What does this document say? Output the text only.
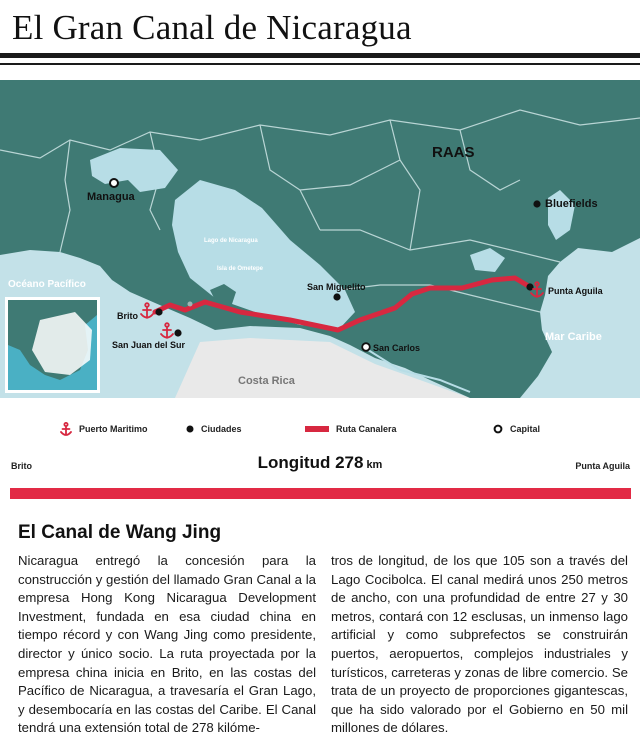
El Gran Canal de Nicaragua
RAAS
Managua
Bluefields
Lago de Nicaragua
Isla de Ometepe
Océano Pacífico
Brito
San Juan del Sur
San Miguelito
San Carlos
Punta Aguila
Mar Caribe
Costa Rica
Puerto Maritimo	Ciudades	Ruta Canalera	Capital
Brito	Punta Aguila
Longitud 278 km
El Canal de Wang Jing
Nicaragua entregó la concesión para la construcción y gestión del llamado Gran Canal a la empresa Hong Kong Nicaragua Development Investment, fundada en esa ciudad china en tiempo récord y con Wang Jing como presidente, director y único socio. La ruta proyectada por la empresa china inicia en Brito, en las costas del Pacífico de Nicaragua, a travesaría el Gran Lago, y desembocaría en las costas del Caribe. El Canal tendrá una extensión total de 278 kilóme-
tros de longitud, de los que 105 son a través del Lago Cocibolca. El canal medirá unos 250 metros de ancho, con una profundidad de entre 27 y 30 metros, contará con 12 esclusas, un inmenso lago artificial y como subprefectos se construirán puertos, aeropuertos, complejos industriales y turísticos, carreteras y zonas de libre comercio. Se trata de un proyecto de proporciones gigantescas, que ha sido valorado por el Gobierno en 50 mil millones de dólares.
